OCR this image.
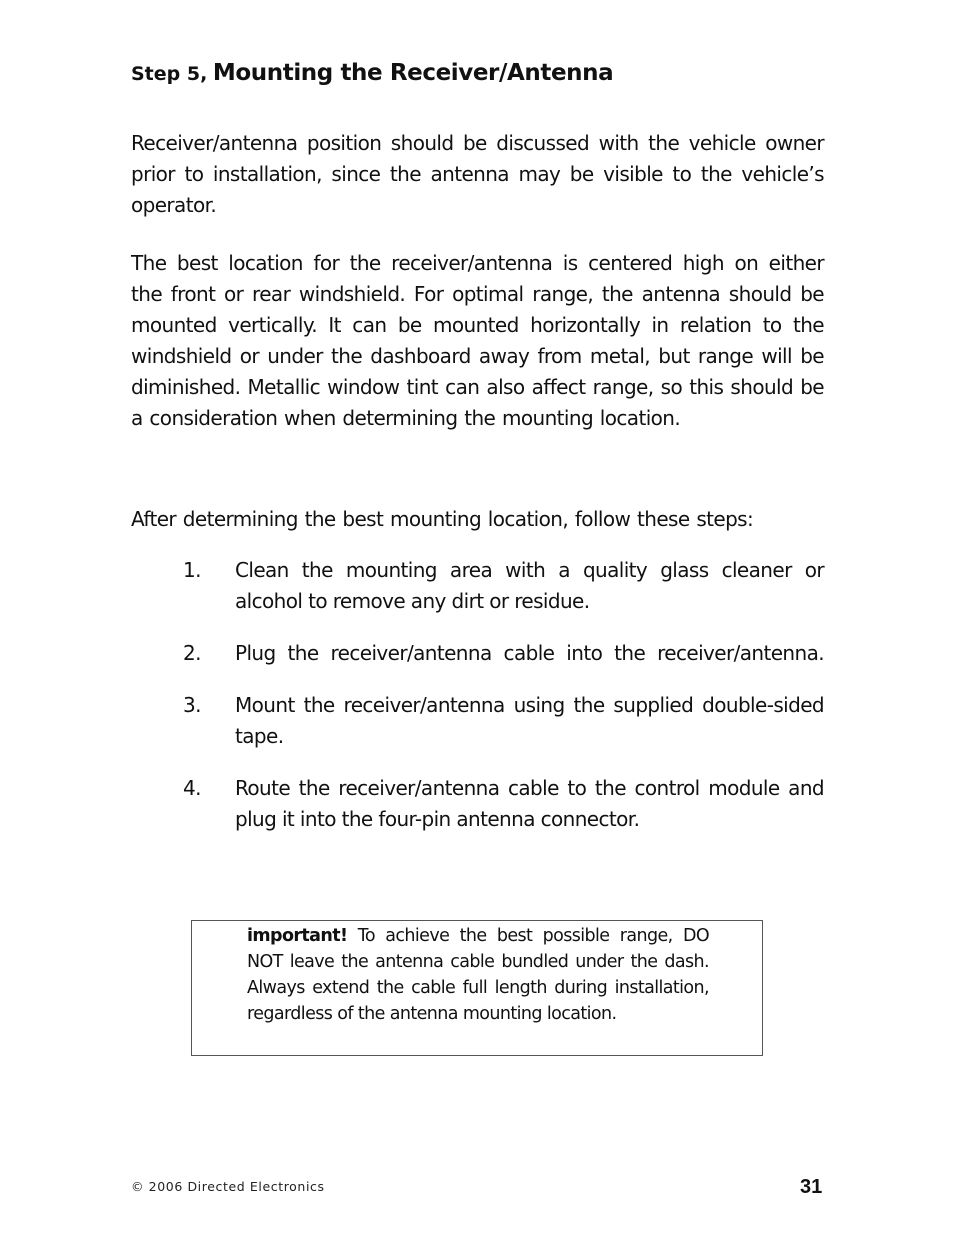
Step 5, Mounting the Receiver/Antenna

Receiver/antenna position should be discussed with the vehicle owner prior to installation, since the antenna may be visible to the vehicle’s operator.

The best location for the receiver/antenna is centered high on either the front or rear windshield. For optimal range, the antenna should be mounted vertically. It can be mounted horizontally in relation to the windshield or under the dashboard away from metal, but range will be diminished. Metallic window tint can also affect range, so this should be a consideration when determining the mounting location.

After determining the best mounting location, follow these steps:

1. Clean the mounting area with a quality glass cleaner or alcohol to remove any dirt or residue.
2. Plug the receiver/antenna cable into the receiver/antenna.
3. Mount the receiver/antenna using the supplied double-sided tape.
4. Route the receiver/antenna cable to the control module and plug it into the four-pin antenna connector.

important! To achieve the best possible range, DO NOT leave the antenna cable bundled under the dash. Always extend the cable full length during installation, regardless of the antenna mounting location.

© 2006 Directed Electronics	31
